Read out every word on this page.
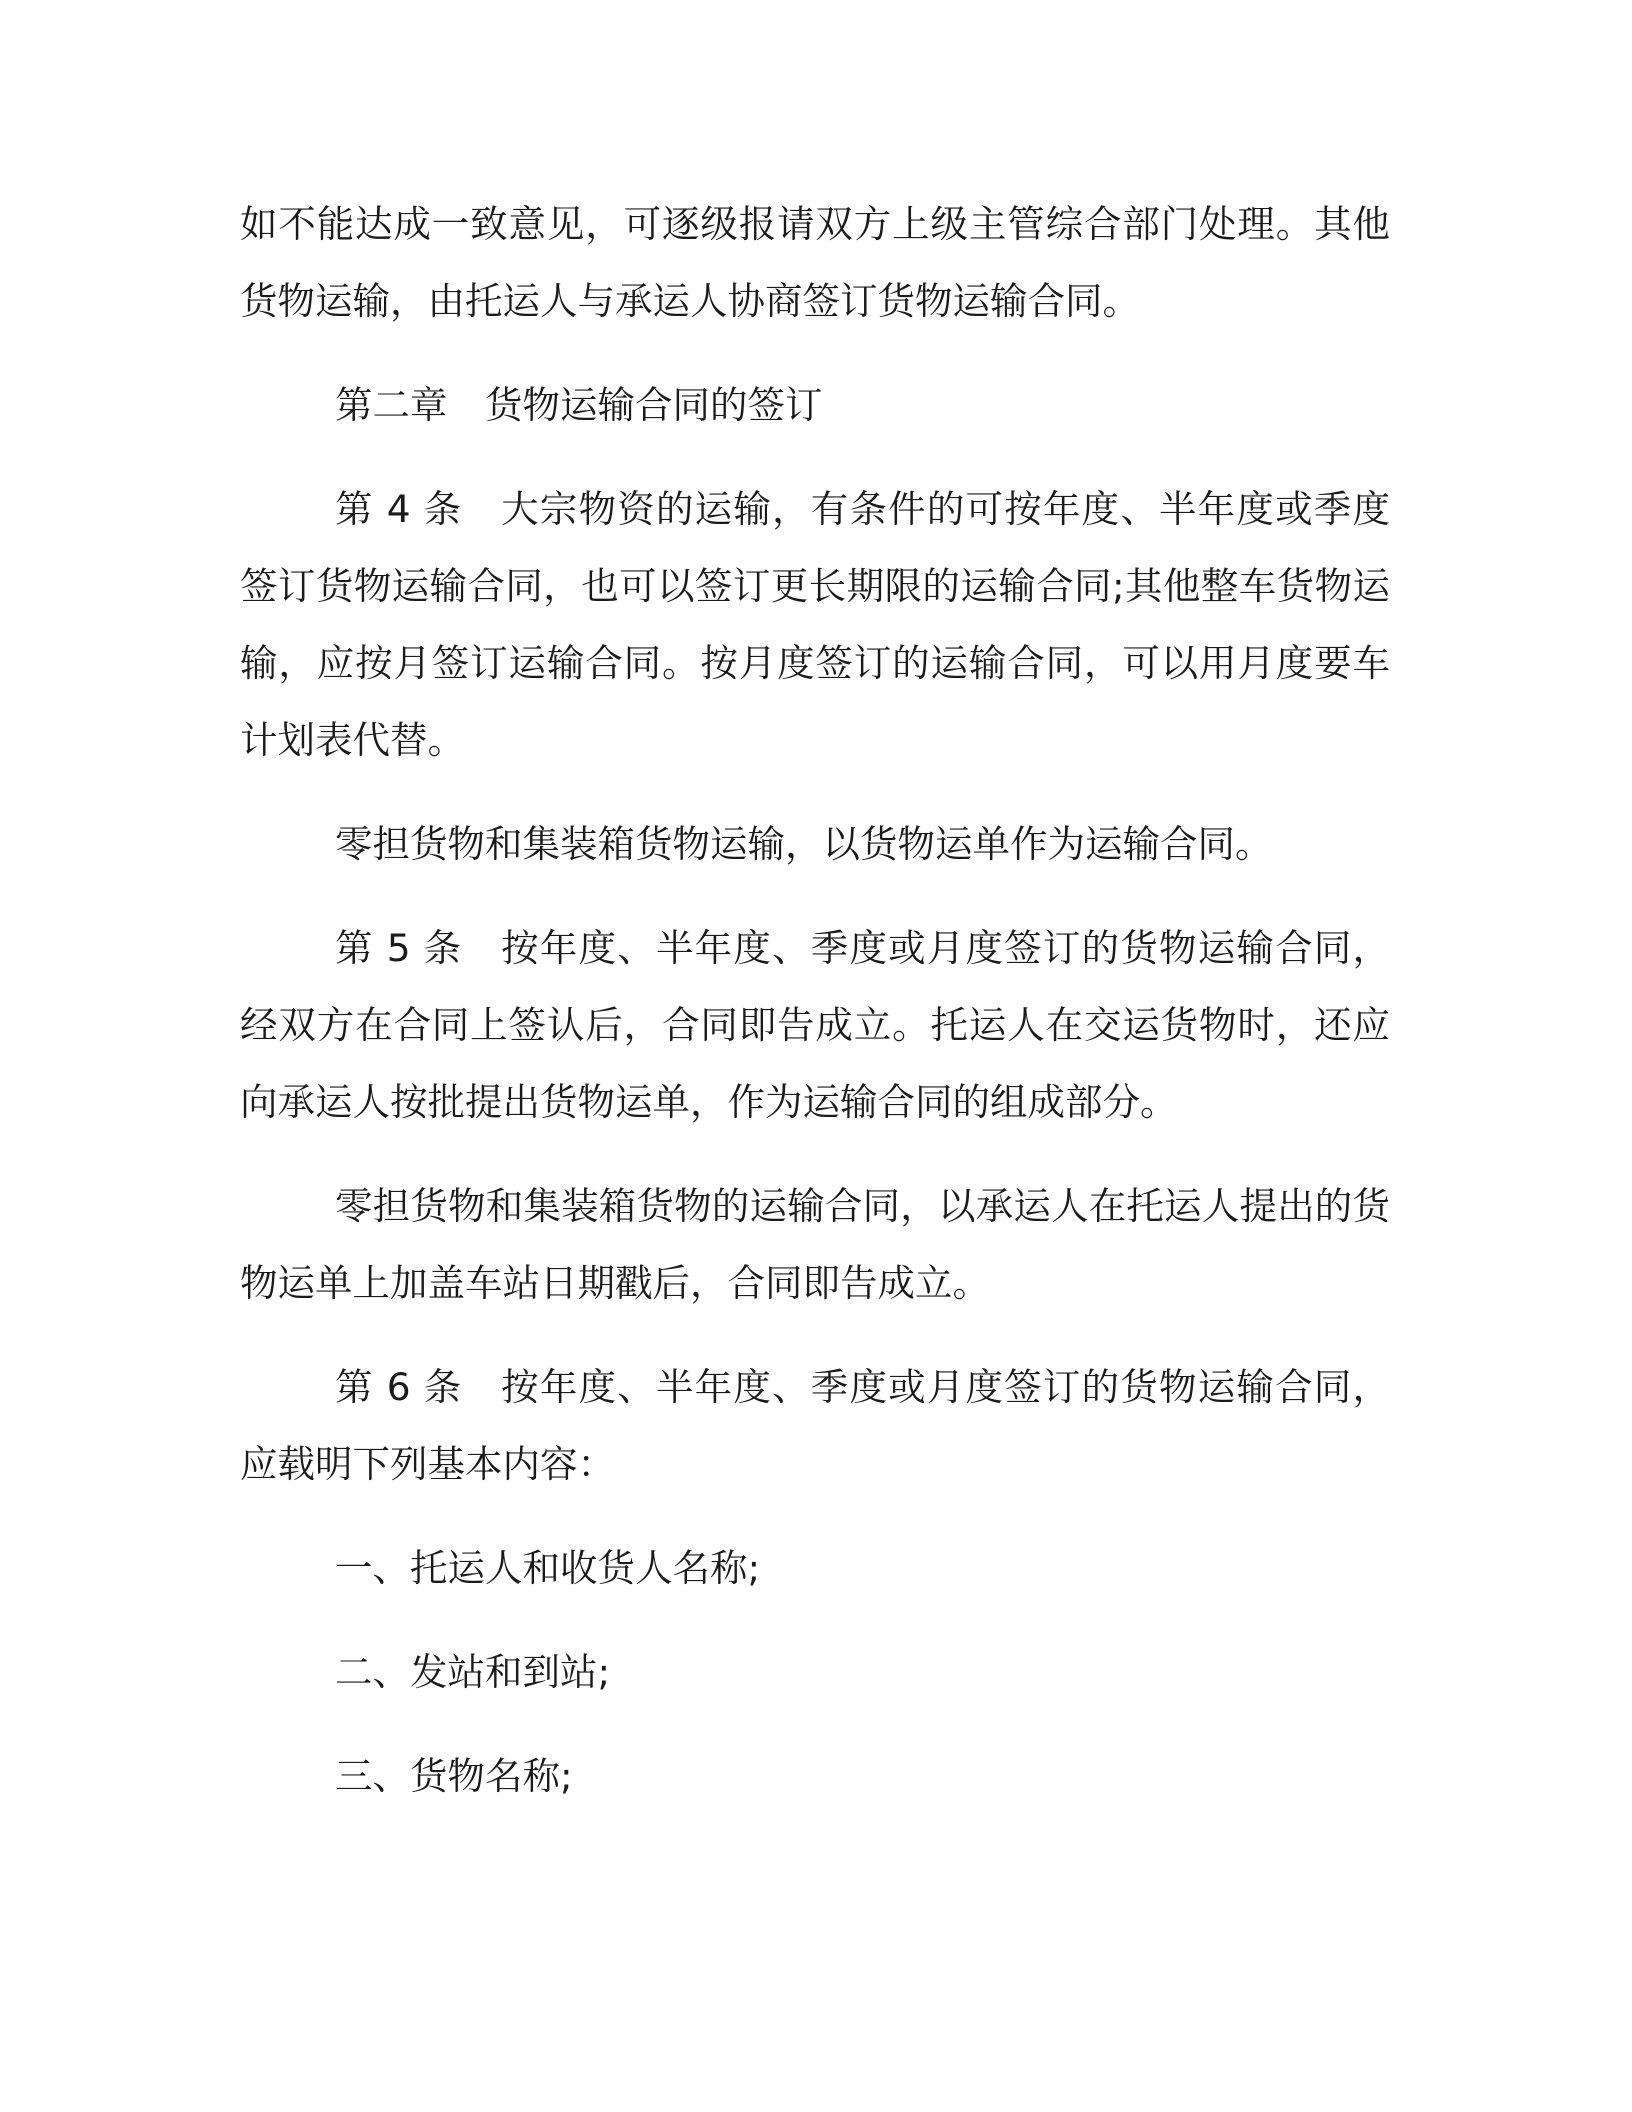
如不能达成一致意见，可逐级报请双方上级主管综合部门处理。其他货物运输，由托运人与承运人协商签订货物运输合同。

第二章　货物运输合同的签订

第 4 条　大宗物资的运输，有条件的可按年度、半年度或季度签订货物运输合同，也可以签订更长期限的运输合同;其他整车货物运输，应按月签订运输合同。按月度签订的运输合同，可以用月度要车计划表代替。

零担货物和集装箱货物运输，以货物运单作为运输合同。

第 5 条　按年度、半年度、季度或月度签订的货物运输合同，经双方在合同上签认后，合同即告成立。托运人在交运货物时，还应向承运人按批提出货物运单，作为运输合同的组成部分。

零担货物和集装箱货物的运输合同，以承运人在托运人提出的货物运单上加盖车站日期戳后，合同即告成立。

第 6 条　按年度、半年度、季度或月度签订的货物运输合同，应载明下列基本内容：

一、托运人和收货人名称;

二、发站和到站;

三、货物名称;
